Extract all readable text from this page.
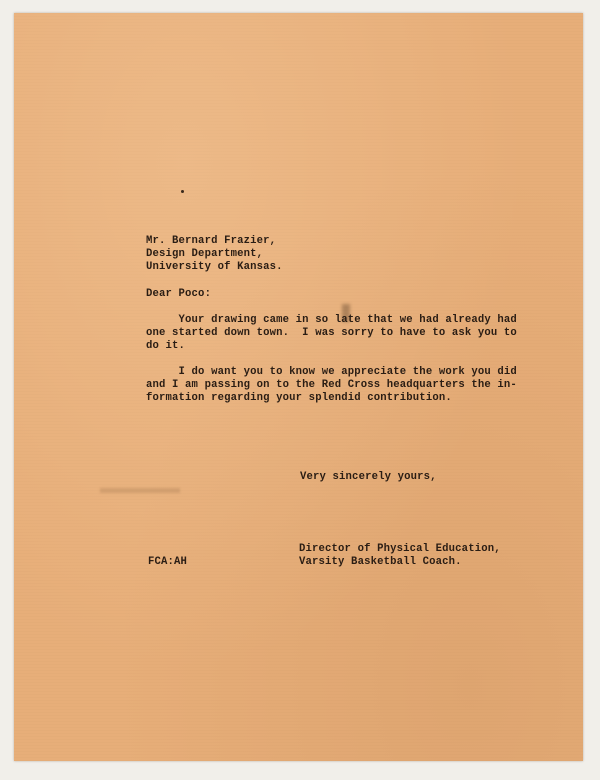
Mr. Bernard Frazier,

Design Department,

University of Kansas.

Dear Poco:

Your drawing came in so late that we had already had

one started down town.  I was sorry to have to ask you to

do it.

I do want you to know we appreciate the work you did

and I am passing on to the Red Cross headquarters the in-

formation regarding your splendid contribution.

Very sincerely yours,

FCA:AH

Director of Physical Education,

Varsity Basketball Coach.
